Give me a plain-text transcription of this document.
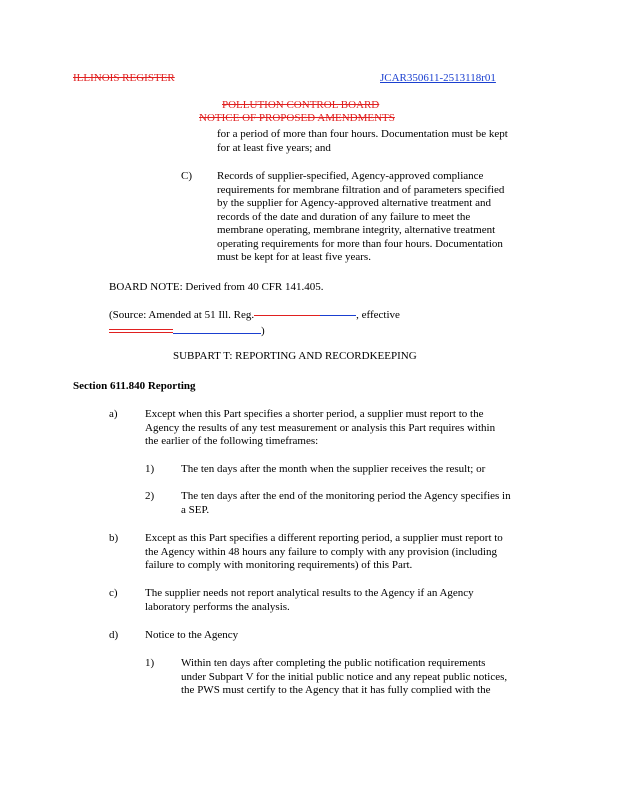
ILLINOIS REGISTER	JCAR350611-2513118r01
POLLUTION CONTROL BOARD
NOTICE OF PROPOSED AMENDMENTS
for a period of more than four hours. Documentation must be kept
for at least five years; and
C) Records of supplier-specified, Agency-approved compliance
requirements for membrane filtration and of parameters specified
by the supplier for Agency-approved alternative treatment and
records of the date and duration of any failure to meet the
membrane operating, membrane integrity, alternative treatment
operating requirements for more than four hours. Documentation
must be kept for at least five years.
BOARD NOTE: Derived from 40 CFR 141.405.
(Source: Amended at 51 Ill. Reg.	, effective
)
SUBPART T: REPORTING AND RECORDKEEPING
Section 611.840 Reporting
a) Except when this Part specifies a shorter period, a supplier must report to the
Agency the results of any test measurement or analysis this Part requires within
the earlier of the following timeframes:
1) The ten days after the month when the supplier receives the result; or
2) The ten days after the end of the monitoring period the Agency specifies in
a SEP.
b) Except as this Part specifies a different reporting period, a supplier must report to
the Agency within 48 hours any failure to comply with any provision (including
failure to comply with monitoring requirements) of this Part.
c) The supplier needs not report analytical results to the Agency if an Agency
laboratory performs the analysis.
d) Notice to the Agency
1) Within ten days after completing the public notification requirements
under Subpart V for the initial public notice and any repeat public notices,
the PWS must certify to the Agency that it has fully complied with the
